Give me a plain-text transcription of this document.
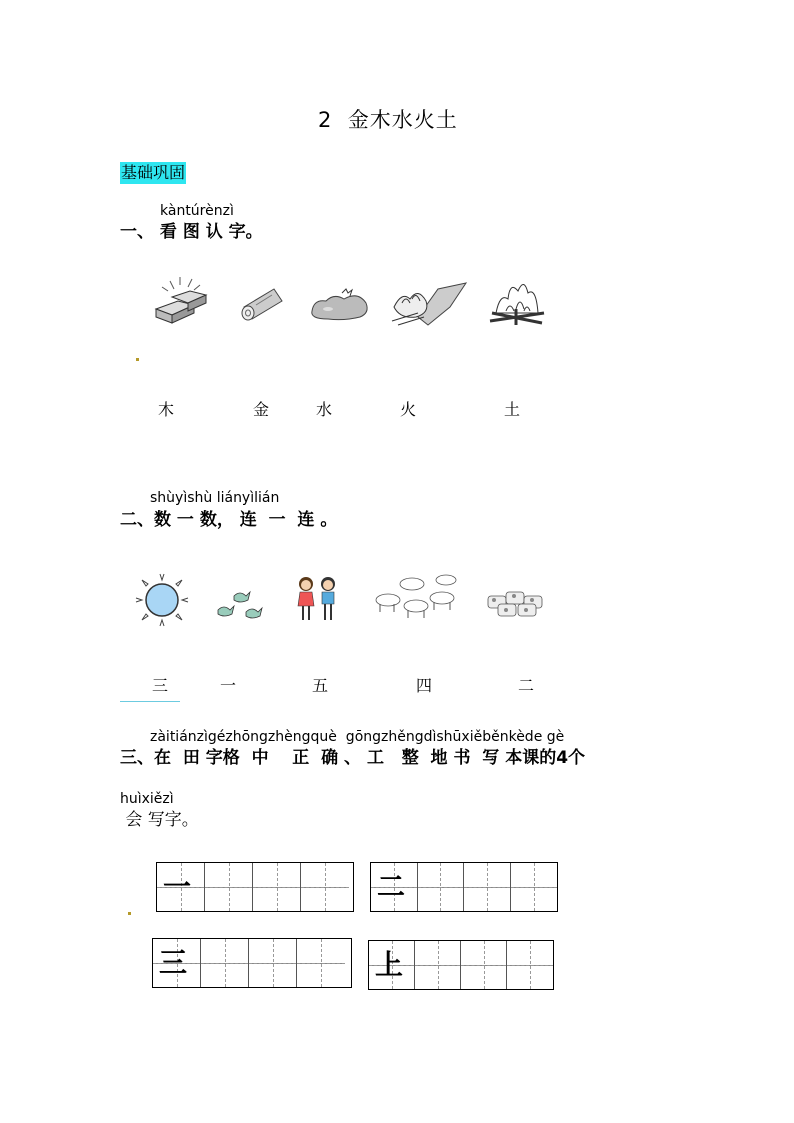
2  金木水火土
基础巩固
kàntúrènzì
一、 看 图 认 字。
木	金	水	火	土
shùyìshù liányìlián
二、数 一 数， 连  一  连 。
三	一	五	四	二
zàitiánzìgézhōngzhèngquè  gōngzhěngdìshūxiěběnkède gè
三、在  田 字格  中    正  确 、 工   整  地 书  写 本课的4个
huìxiězì
会 写字。
一	二
三	上
